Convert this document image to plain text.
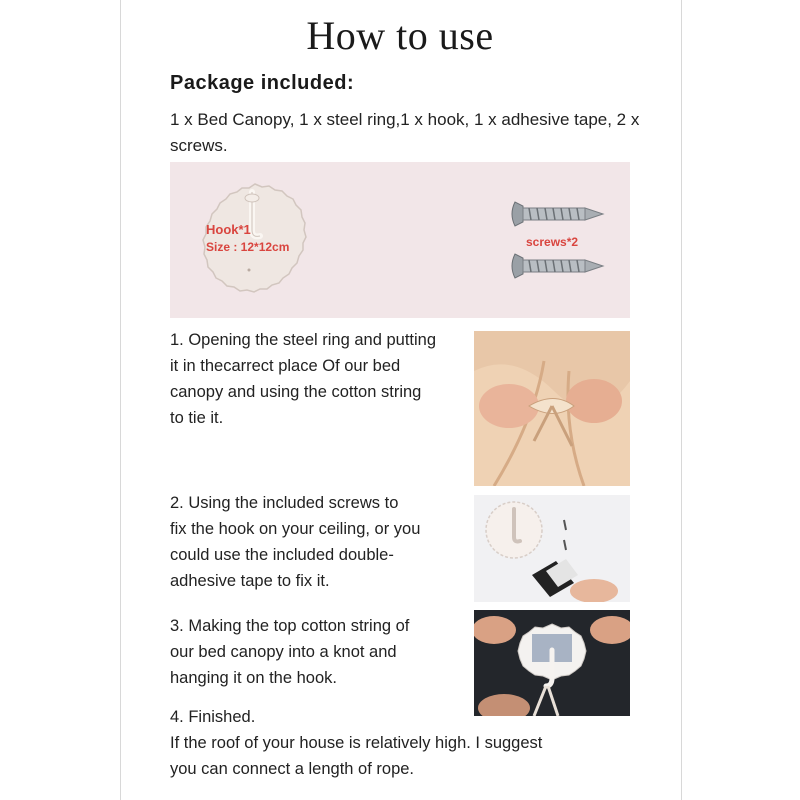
How to use
Package included:
1 x Bed Canopy, 1 x steel ring,1 x hook, 1 x adhesive tape, 2 x screws.
Hook*1
Size : 12*12cm	screws*2
1. Opening the steel ring and putting
it in thecarrect place Of our bed
canopy and using the cotton string
to tie it.
2. Using the included screws to
fix the hook on your ceiling, or you
could use the included double-
adhesive tape to fix it.
3. Making the top cotton string of
our bed canopy into a knot and
hanging it on the hook.
4. Finished.
If the roof of your house is relatively high. I suggest
you can connect a length of rope.
